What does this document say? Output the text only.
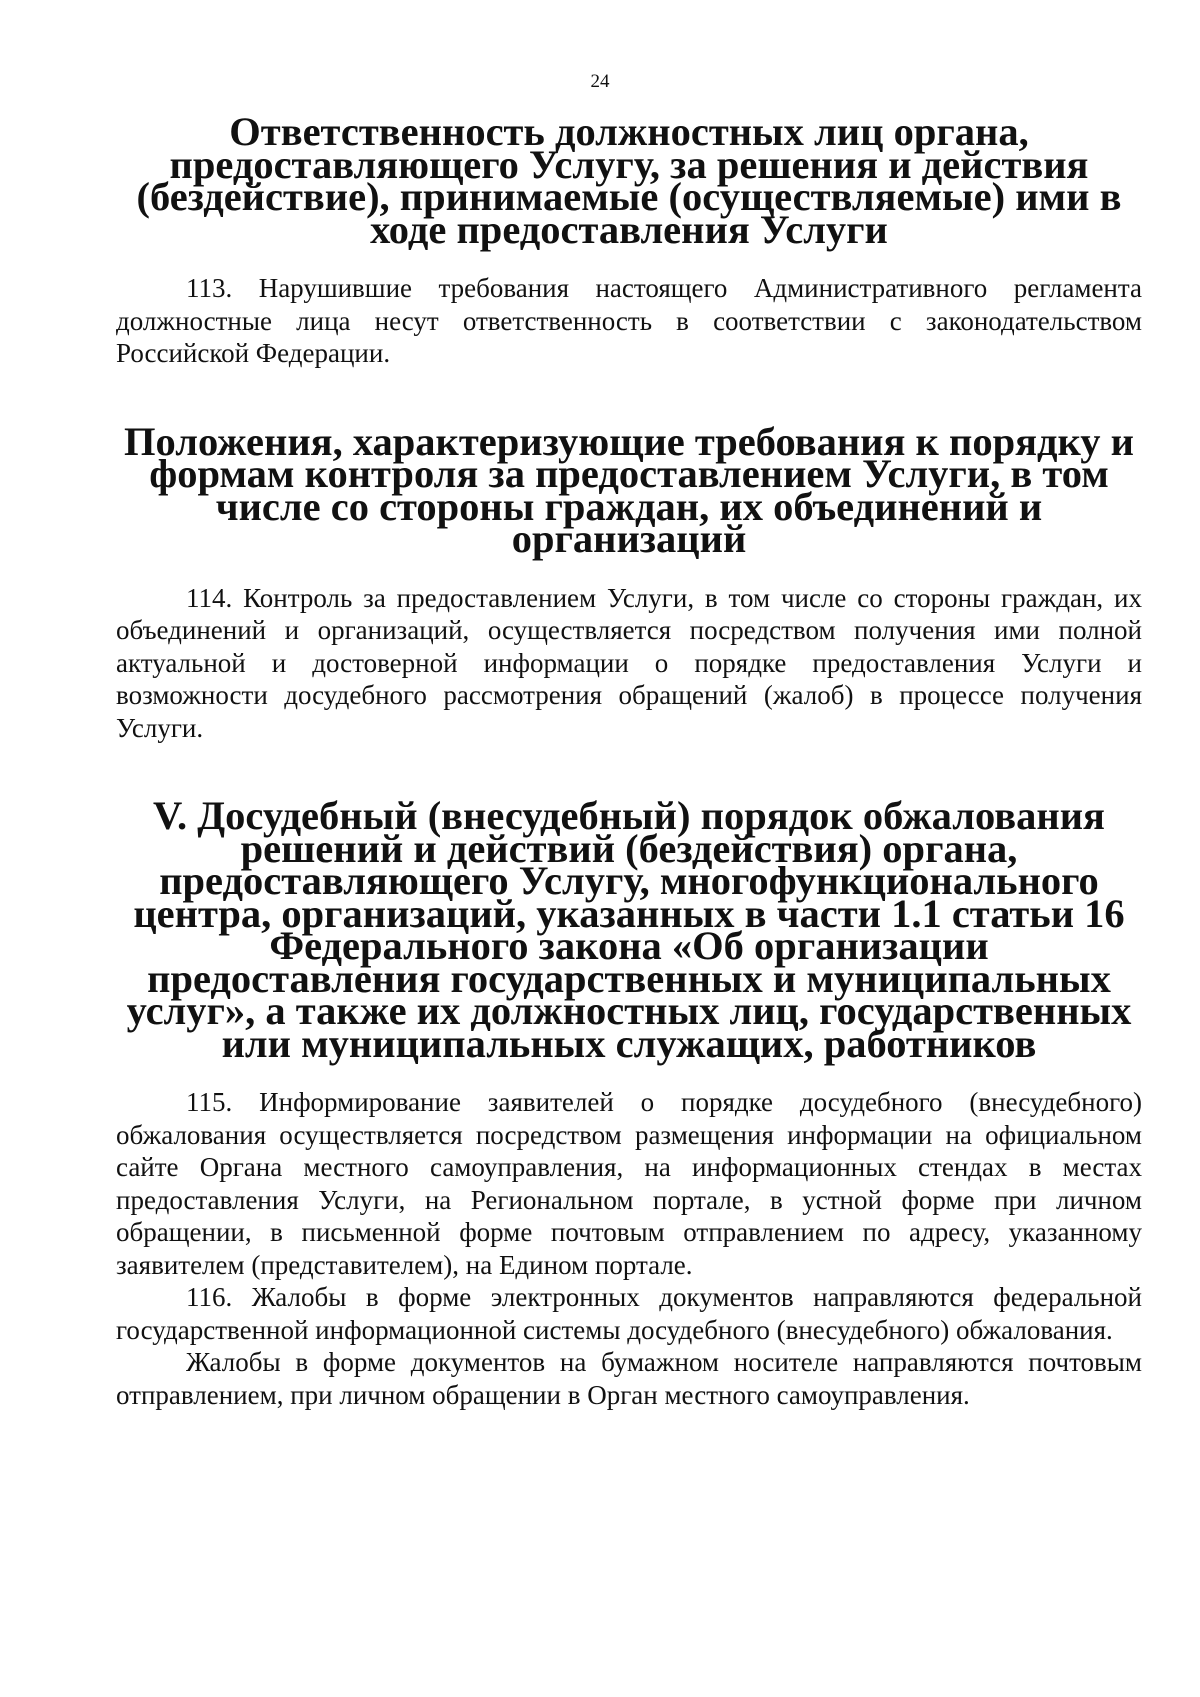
24
Ответственность должностных лиц органа, предоставляющего Услугу, за решения и действия (бездействие), принимаемые (осуществляемые) ими в ходе предоставления Услуги

113. Нарушившие требования настоящего Административного регламента должностные лица несут ответственность в соответствии с законодательством Российской Федерации.

Положения, характеризующие требования к порядку и формам контроля за предоставлением Услуги, в том числе со стороны граждан, их объединений и организаций

114. Контроль за предоставлением Услуги, в том числе со стороны граждан, их объединений и организаций, осуществляется посредством получения ими полной актуальной и достоверной информации о порядке предоставления Услуги и возможности досудебного рассмотрения обращений (жалоб) в процессе получения Услуги.

V. Досудебный (внесудебный) порядок обжалования решений и действий (бездействия) органа, предоставляющего Услугу, многофункционального центра, организаций, указанных в части 1.1 статьи 16 Федерального закона «Об организации предоставления государственных и муниципальных услуг», а также их должностных лиц, государственных или муниципальных служащих, работников

115. Информирование заявителей о порядке досудебного (внесудебного) обжалования осуществляется посредством размещения информации на официальном сайте Органа местного самоуправления, на информационных стендах в местах предоставления Услуги, на Региональном портале, в устной форме при личном обращении, в письменной форме почтовым отправлением по адресу, указанному заявителем (представителем), на Едином портале.

116. Жалобы в форме электронных документов направляются федеральной государственной информационной системы досудебного (внесудебного) обжалования.

Жалобы в форме документов на бумажном носителе направляются почтовым отправлением, при личном обращении в Орган местного самоуправления.
